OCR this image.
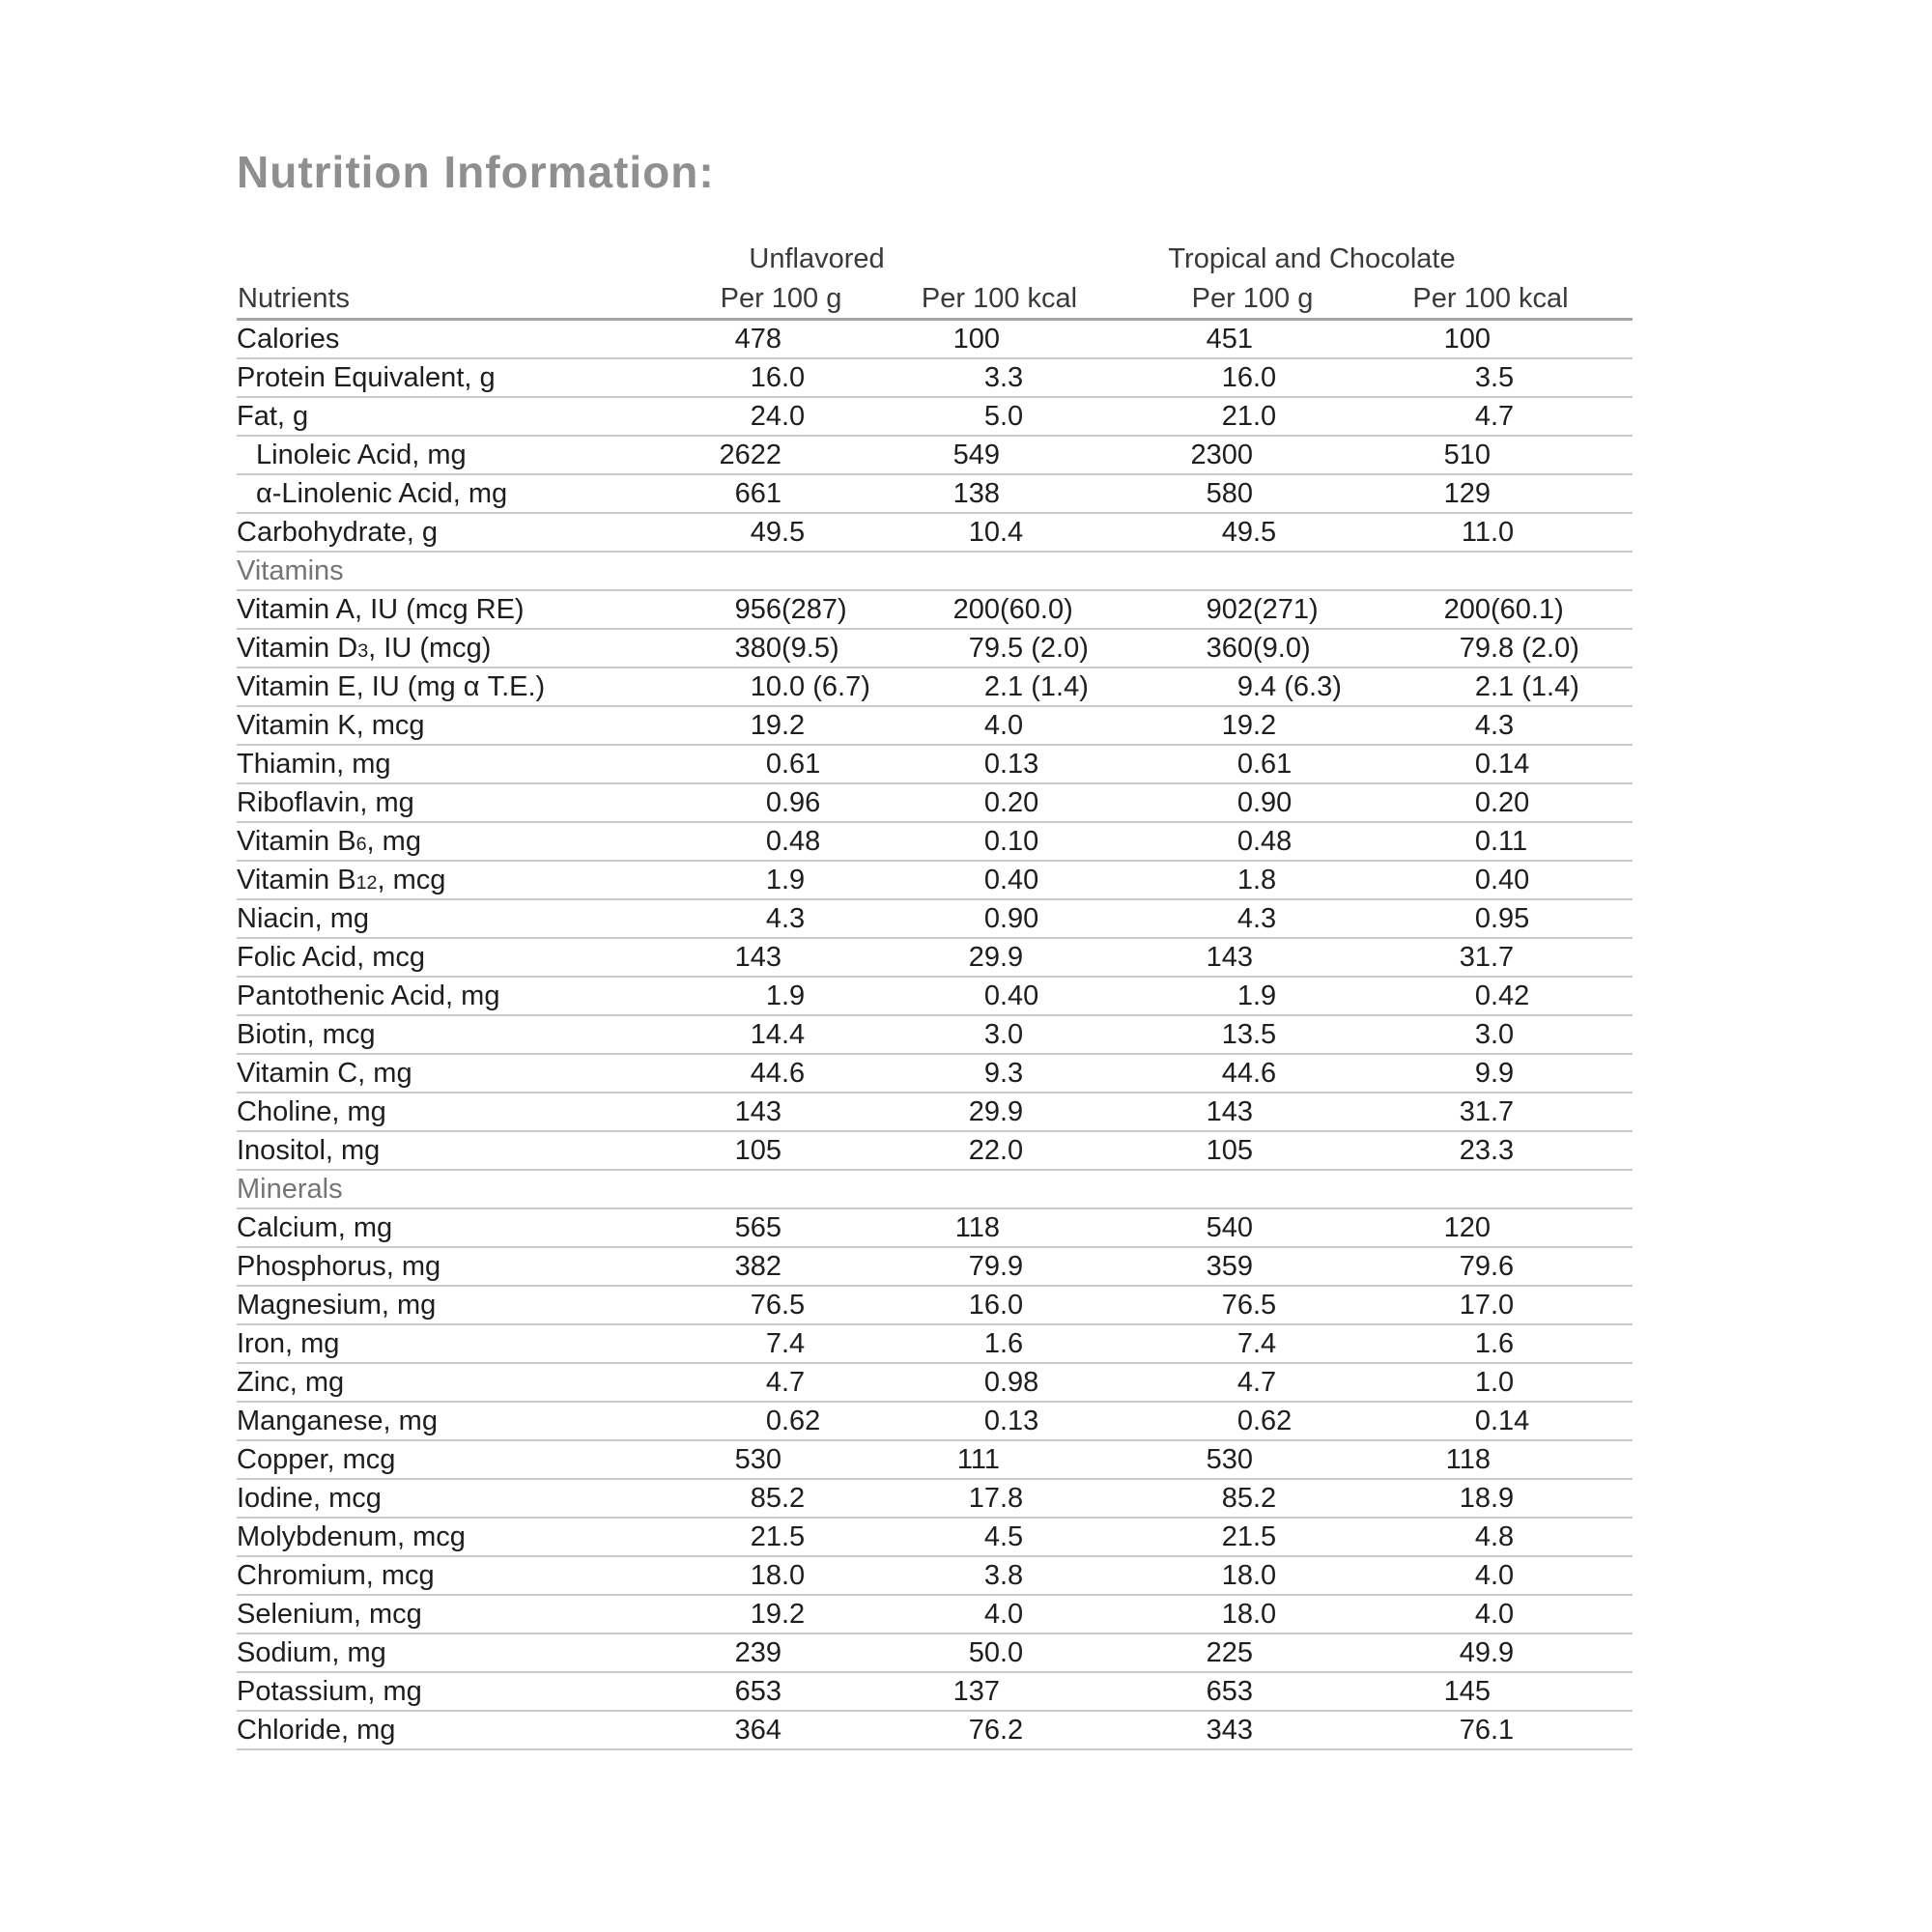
Nutrition Information:
	Unflavored		Tropical and Chocolate	
Nutrients	Per 100 g	Per 100 kcal	Per 100 g	Per 100 kcal
Calories	478	100	451	100
Protein Equivalent, g	16.0	3.3	16.0	3.5
Fat, g	24.0	5.0	21.0	4.7
Linoleic Acid, mg	2622	549	2300	510
α-Linolenic Acid, mg	661	138	580	129
Carbohydrate, g	49.5	10.4	49.5	11.0
Vitamins				
Vitamin A, IU (mcg RE)	956(287)	200(60.0)	902(271)	200(60.1)
Vitamin D3, IU (mcg)	380(9.5)	79.5 (2.0)	360(9.0)	79.8 (2.0)
Vitamin E, IU (mg α T.E.)	10.0 (6.7)	2.1 (1.4)	9.4 (6.3)	2.1 (1.4)
Vitamin K, mcg	19.2	4.0	19.2	4.3
Thiamin, mg	0.61	0.13	0.61	0.14
Riboflavin, mg	0.96	0.20	0.90	0.20
Vitamin B6, mg	0.48	0.10	0.48	0.11
Vitamin B12, mcg	1.9	0.40	1.8	0.40
Niacin, mg	4.3	0.90	4.3	0.95
Folic Acid, mcg	143	29.9	143	31.7
Pantothenic Acid, mg	1.9	0.40	1.9	0.42
Biotin, mcg	14.4	3.0	13.5	3.0
Vitamin C, mg	44.6	9.3	44.6	9.9
Choline, mg	143	29.9	143	31.7
Inositol, mg	105	22.0	105	23.3
Minerals				
Calcium, mg	565	118	540	120
Phosphorus, mg	382	79.9	359	79.6
Magnesium, mg	76.5	16.0	76.5	17.0
Iron, mg	7.4	1.6	7.4	1.6
Zinc, mg	4.7	0.98	4.7	1.0
Manganese, mg	0.62	0.13	0.62	0.14
Copper, mcg	530	111	530	118
Iodine, mcg	85.2	17.8	85.2	18.9
Molybdenum, mcg	21.5	4.5	21.5	4.8
Chromium, mcg	18.0	3.8	18.0	4.0
Selenium, mcg	19.2	4.0	18.0	4.0
Sodium, mg	239	50.0	225	49.9
Potassium, mg	653	137	653	145
Chloride, mg	364	76.2	343	76.1
